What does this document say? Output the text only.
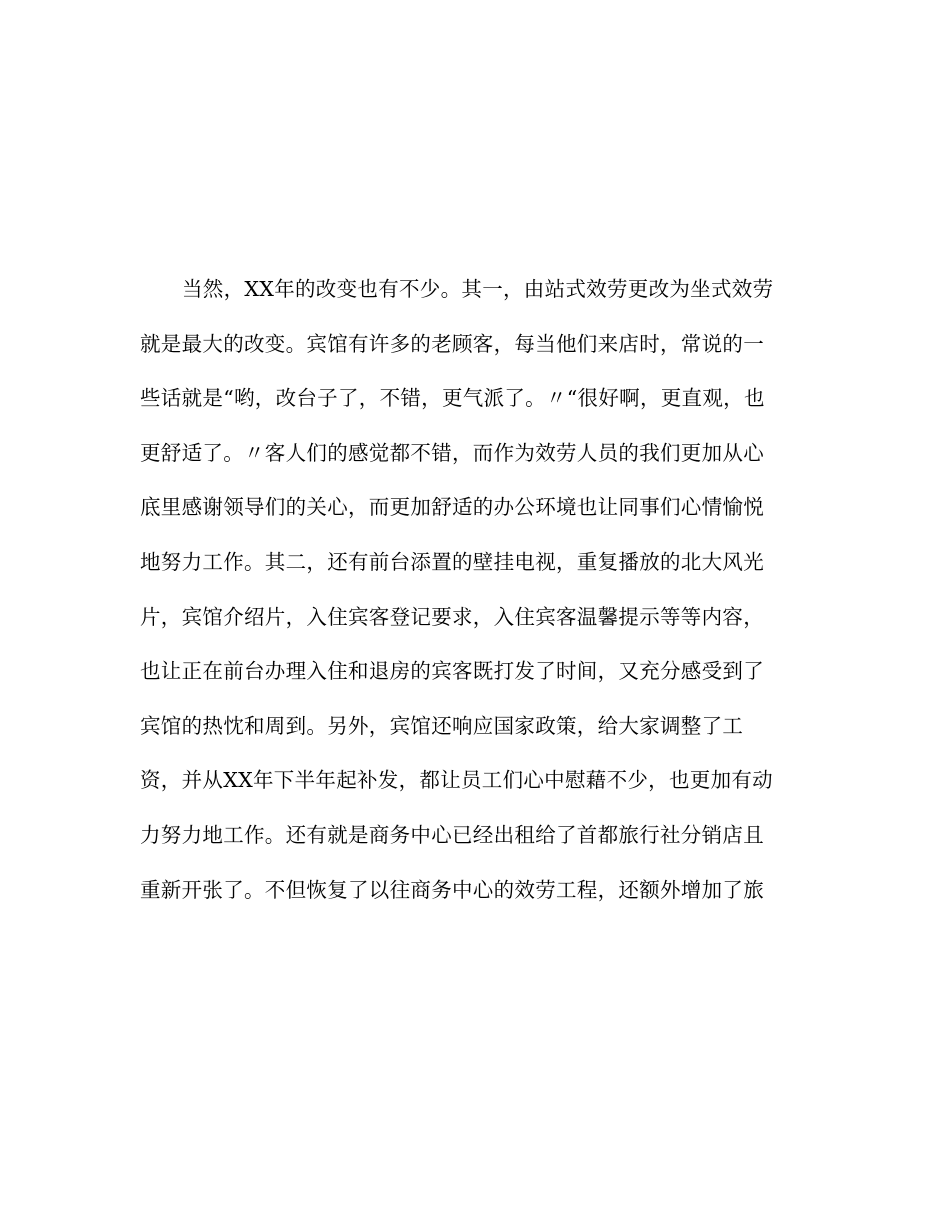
当然，XX年的改变也有不少。其一，由站式效劳更改为坐式效劳
就是最大的改变。宾馆有许多的老顾客，每当他们来店时，常说的一
些话就是“哟，改台子了，不错，更气派了。〃“很好啊，更直观，也
更舒适了。〃客人们的感觉都不错，而作为效劳人员的我们更加从心
底里感谢领导们的关心，而更加舒适的办公环境也让同事们心情愉悦
地努力工作。其二，还有前台添置的壁挂电视，重复播放的北大风光
片，宾馆介绍片，入住宾客登记要求，入住宾客温馨提示等等内容，
也让正在前台办理入住和退房的宾客既打发了时间，又充分感受到了
宾馆的热忱和周到。另外，宾馆还响应国家政策，给大家调整了工
资，并从XX年下半年起补发，都让员工们心中慰藉不少，也更加有动
力努力地工作。还有就是商务中心已经出租给了首都旅行社分销店且
重新开张了。不但恢复了以往商务中心的效劳工程，还额外增加了旅
